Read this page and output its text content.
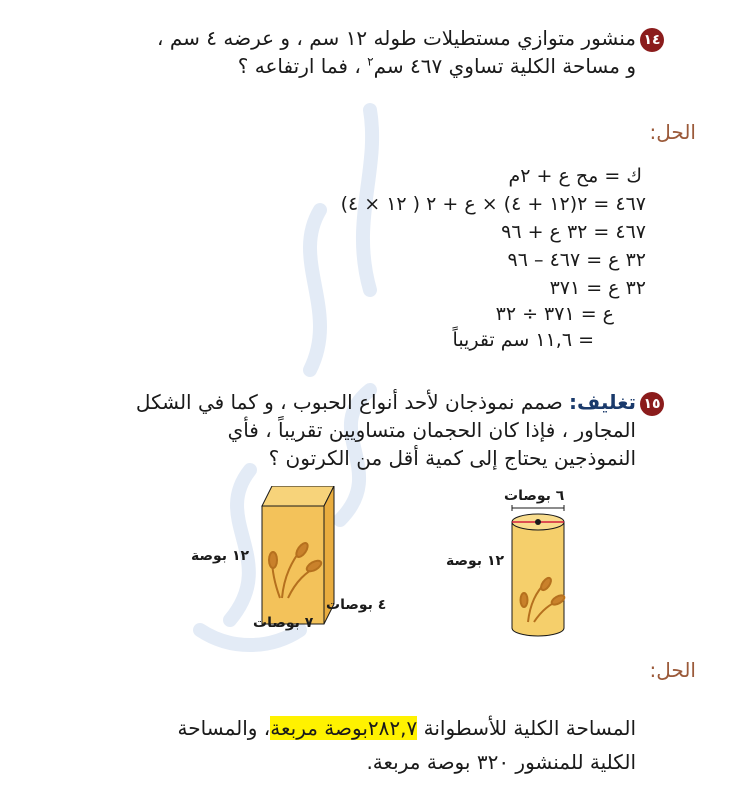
١٤
منشور متوازي مستطيلات طوله ١٢ سم ، و عرضه ٤ سم ،
و مساحة الكلية تساوي ٤٦٧ سم$^٢$ ، فما ارتفاعه ؟
الحل:
ك = مح ع + ٢م
٤٦٧ = ٢(١٢ + ٤) × ع + ٢ ( ١٢ × ٤)
٤٦٧ = ٣٢ ع + ٩٦
٣٢ ع = ٤٦٧ – ٩٦
٣٢ ع = ٣٧١
ع = ٣٧١ ÷ ٣٢
= ١١,٦ سم تقريباً
١٥
تغليف: صمم نموذجان لأحد أنواع الحبوب ، و كما في الشكل
المجاور ، فإذا كان الحجمان متساويين تقريباً ، فأي
النموذجين يحتاج إلى كمية أقل من الكرتون ؟
١٢ بوصة
٤ بوصات
٧ بوصات
٦ بوصات
١٢ بوصة
الحل:
المساحة الكلية للأسطوانة ٢٨٢,٧بوصة مربعة، والمساحة
الكلية للمنشور ٣٢٠ بوصة مربعة.
